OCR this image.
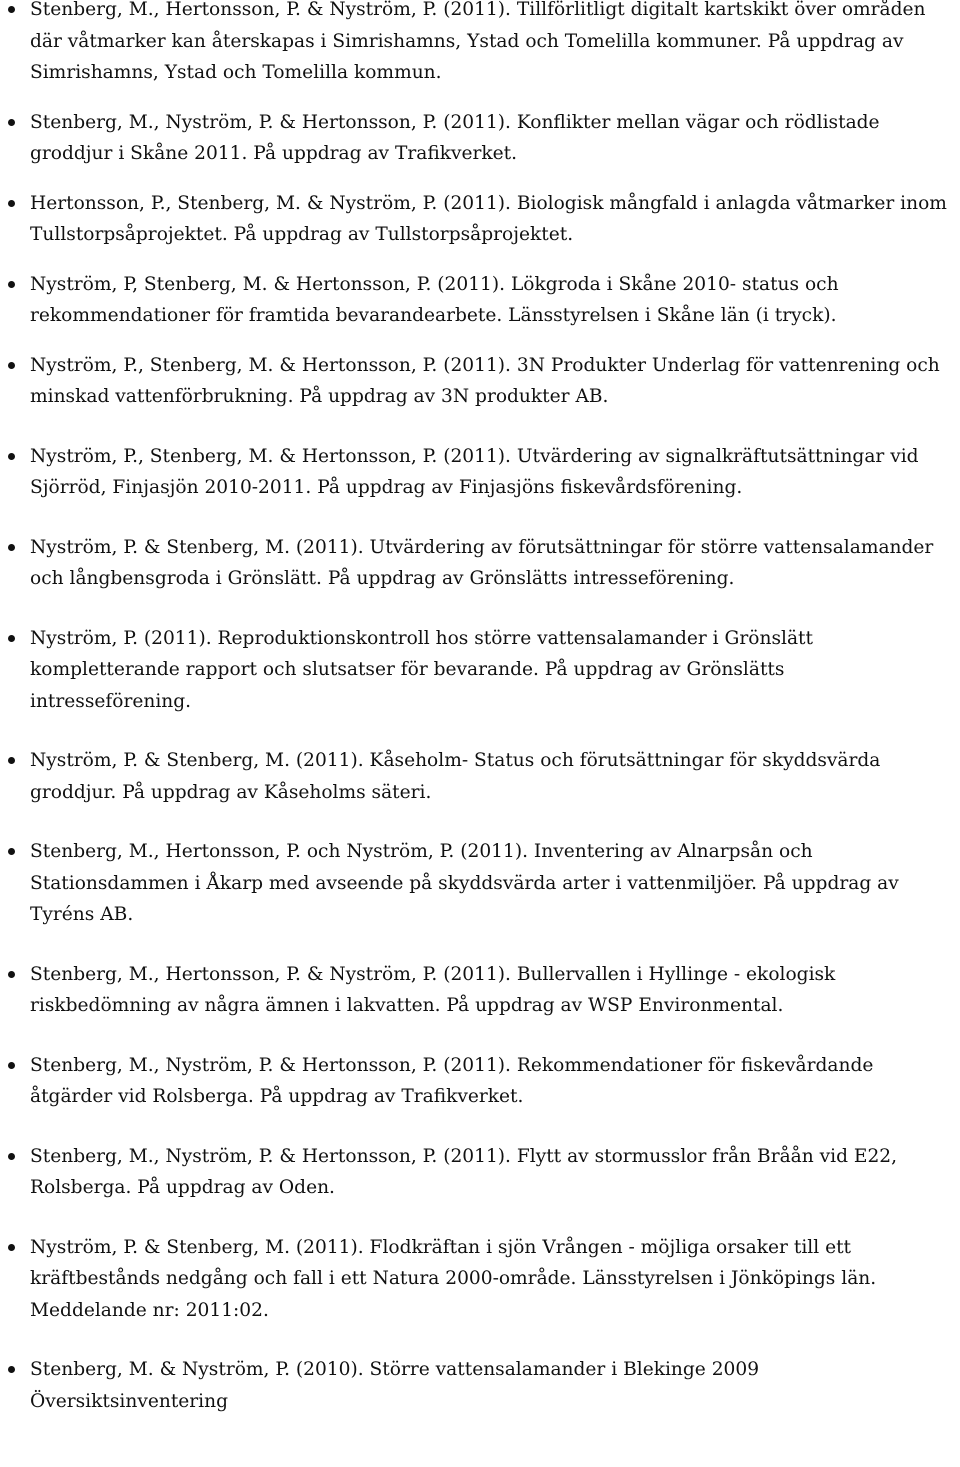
Stenberg, M., Hertonsson, P. & Nyström, P. (2011). Tillförlitligt digitalt kartskikt över områden där våtmarker kan återskapas i Simrishamns, Ystad och Tomelilla kommuner. På uppdrag av Simrishamns, Ystad och Tomelilla kommun.
Stenberg, M., Nyström, P. & Hertonsson, P. (2011). Konflikter mellan vägar och rödlistade groddjur i Skåne 2011. På uppdrag av Trafikverket.
Hertonsson, P., Stenberg, M. & Nyström, P. (2011). Biologisk mångfald i anlagda våtmarker inom Tullstorpsåprojektet. På uppdrag av Tullstorpsåprojektet.
Nyström, P, Stenberg, M. & Hertonsson, P. (2011). Lökgroda i Skåne 2010- status och rekommendationer för framtida bevarandearbete. Länsstyrelsen i Skåne län (i tryck).
Nyström, P., Stenberg, M. & Hertonsson, P. (2011). 3N Produkter Underlag för vattenrening och minskad vattenförbrukning. På uppdrag av 3N produkter AB.
Nyström, P., Stenberg, M. & Hertonsson, P. (2011). Utvärdering av signalkräftutsättningar vid Sjörröd, Finjasjön 2010-2011. På uppdrag av Finjasjöns fiskevårdsförening.
Nyström, P. & Stenberg, M. (2011). Utvärdering av förutsättningar för större vattensalamander och långbensgroda i Grönslätt. På uppdrag av Grönslätts intresseförening.
Nyström, P. (2011). Reproduktionskontroll hos större vattensalamander i Grönslätt kompletterande rapport och slutsatser för bevarande. På uppdrag av Grönslätts intresseförening.
Nyström, P. & Stenberg, M. (2011). Kåseholm- Status och förutsättningar för skyddsvärda groddjur. På uppdrag av Kåseholms säteri.
Stenberg, M., Hertonsson, P. och Nyström, P. (2011). Inventering av Alnarpsån och Stationsdammen i Åkarp med avseende på skyddsvärda arter i vattenmiljöer. På uppdrag av Tyréns AB.
Stenberg, M., Hertonsson, P. & Nyström, P. (2011). Bullervallen i Hyllinge - ekologisk riskbedömning av några ämnen i lakvatten. På uppdrag av WSP Environmental.
Stenberg, M., Nyström, P. & Hertonsson, P. (2011). Rekommendationer för fiskevårdande åtgärder vid Rolsberga. På uppdrag av Trafikverket.
Stenberg, M., Nyström, P. & Hertonsson, P. (2011). Flytt av stormusslor från Bråån vid E22, Rolsberga. På uppdrag av Oden.
Nyström, P. & Stenberg, M. (2011). Flodkräftan i sjön Vrången - möjliga orsaker till ett kräftbestånds nedgång och fall i ett Natura 2000-område. Länsstyrelsen i Jönköpings län. Meddelande nr: 2011:02.
Stenberg, M. & Nyström, P. (2010). Större vattensalamander i Blekinge 2009 Översiktsinventering
